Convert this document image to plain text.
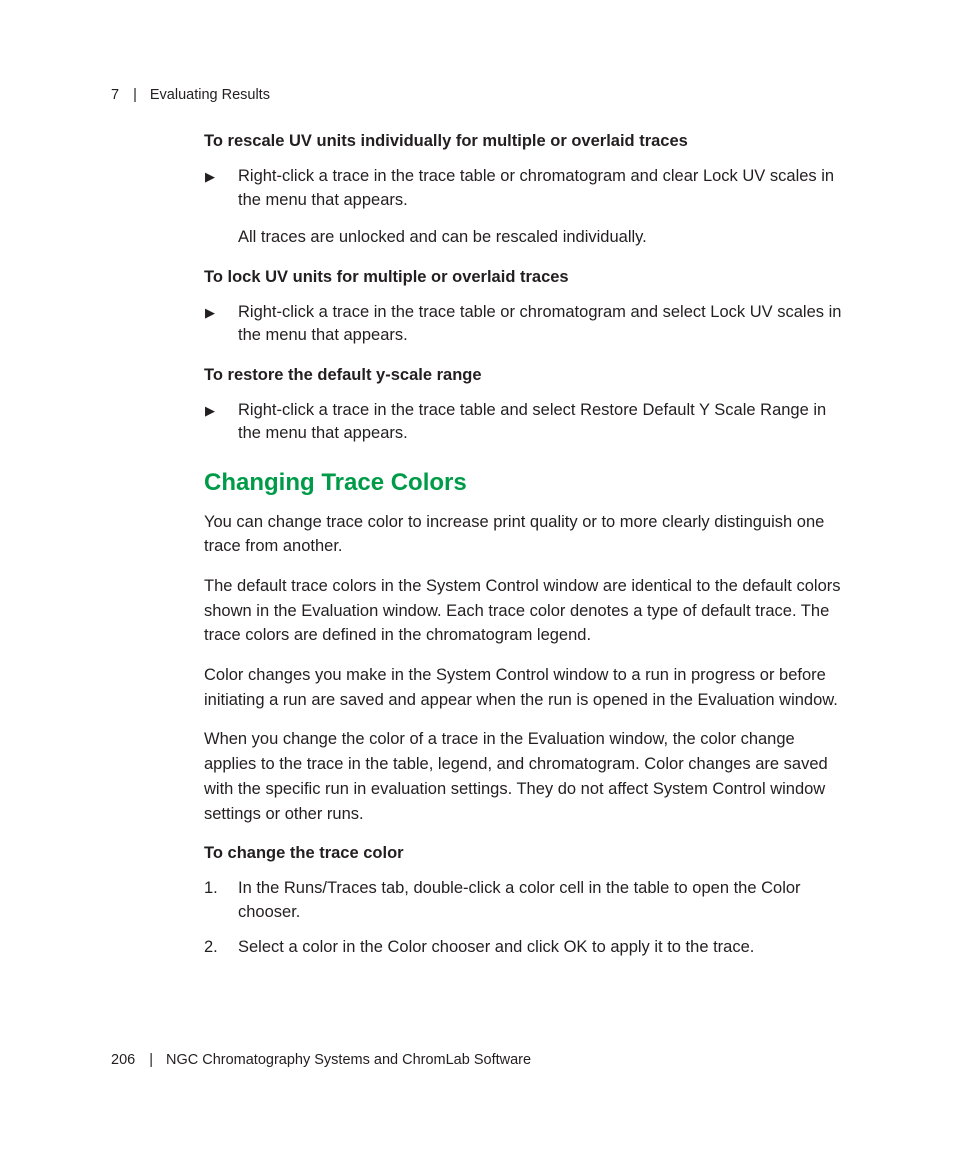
7 | Evaluating Results

To rescale UV units individually for multiple or overlaid traces

▶ Right-click a trace in the trace table or chromatogram and clear Lock UV scales in the menu that appears.

All traces are unlocked and can be rescaled individually.

To lock UV units for multiple or overlaid traces

▶ Right-click a trace in the trace table or chromatogram and select Lock UV scales in the menu that appears.

To restore the default y-scale range

▶ Right-click a trace in the trace table and select Restore Default Y Scale Range in the menu that appears.

Changing Trace Colors

You can change trace color to increase print quality or to more clearly distinguish one trace from another.

The default trace colors in the System Control window are identical to the default colors shown in the Evaluation window. Each trace color denotes a type of default trace. The trace colors are defined in the chromatogram legend.

Color changes you make in the System Control window to a run in progress or before initiating a run are saved and appear when the run is opened in the Evaluation window.

When you change the color of a trace in the Evaluation window, the color change applies to the trace in the table, legend, and chromatogram. Color changes are saved with the specific run in evaluation settings. They do not affect System Control window settings or other runs.

To change the trace color

1. In the Runs/Traces tab, double-click a color cell in the table to open the Color chooser.

2. Select a color in the Color chooser and click OK to apply it to the trace.

206 | NGC Chromatography Systems and ChromLab Software
